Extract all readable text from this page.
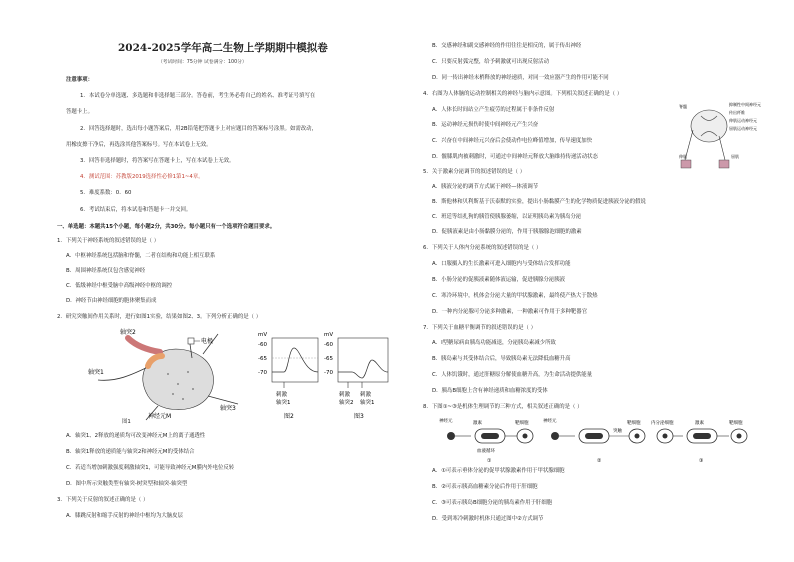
2024-2025学年高二生物上学期期中模拟卷
（考试时间：75分钟 试卷满分：100分）
注意事项：
1．本试卷分单选题、多选题和非选择题三部分。答卷前，考生务必将自己的姓名、准考证号填写在
答题卡上。
2．回答选择题时，选出每小题答案后，用2B铅笔把答题卡上对应题目的答案标号涂黑。如需改动，
用橡皮擦干净后，再选涂其他答案标号。写在本试卷上无效。
3．回答非选择题时，将答案写在答题卡上，写在本试卷上无效。
4．测试范围：苏教版2019选择性必修1第1~4章。
5．难度系数：0．60
6．考试结束后，将本试卷和答题卡一并交回。
一、单选题：本题共15个小题，每小题2分，共30分。每小题只有一个选项符合题目要求。
1．下列关于神经系统的叙述错误的是（ ）
A．中枢神经系统包括脑和脊髓，二者在结构和功能上相互联系
B．周围神经系统仅包含感觉神经
C．低级神经中枢受脑中高级神经中枢的调控
D．神经节由神经细胞的胞体聚集而成
2．研究突触间作用关系时，进行如图1实验，结果如图2、3。下列分析正确的是（ ）
电极
轴突2
轴突1
轴突3
神经元M
图1
mV
-60
-65
-70
刺激
轴突1
图2
mV
-60
-65
-70
刺激
轴突2
刺激
轴突1
图3
A．轴突1、2释放的递质均可改变神经元M上的离子通透性
B．轴突1释放的递质能与轴突2和神经元M的受体结合
C．若适当增加刺激强度刺激轴突1，可能导致神经元M膜内外电位反转
D．图中所示突触类型有轴突-树突型和轴突-轴突型
3．下列关于反射的叙述正确的是（ ）
A．膝跳反射和缩手反射的神经中枢均为大脑皮层
B．交感神经和副交感神经的作用往往是相反的，属于传出神经
C．只要反射弧完整，给予刺激就可出现反射活动
D．同一传出神经末梢释放的神经递质，对同一效应器产生的作用可能不同
4．右图为人体脑的运动控制相关的神经与脑内示意图。下列相关叙述正确的是（ ）
A．人体长时间站立产生疲劳的过程属于非条件反射
B．运动神经元损伤时使中间神经元产生兴奋
C．兴奋在中间神经元兴奋后会使动作电位峰值增加，传导速度加快
D．髋膝肌肉被刺激时，可通过中间神经元释放大脑维持传递活动状态
抑制性中间神经元
传出纤维
伸肌运动神经元
屈肌运动神经元
脊髓
伸肌	屈肌
5．关于激素分泌调节的叙述错误的是（ ）
A．胰液分泌的调节方式属于神经—体液调节
B．斯他林和贝利斯基于沃泰默的实验，提出小肠黏膜产生的化学物质促进胰液分泌的假说
C．班廷等结扎狗的胰管使胰腺萎缩，以证明胰岛素为胰岛分泌
D．促胰液素是由小肠黏膜分泌的，作用于胰腺腺泡细胞的激素
6．下列关于人体内分泌系统的叙述错误的是（ ）
A．口服摄入的生长激素可进入细胞内与受体结合发挥功能
B．小肠分泌的促胰液素随体液运输，促进胰腺分泌胰液
C．寒冷环境中，机体会分泌大量的甲状腺激素，最终使产热大于散热
D．一种内分泌腺可分泌多种激素，一种激素可作用于多种靶器官
7．下列关于血糖平衡调节的叙述错误的是（ ）
A．I型糖尿病由胰岛功能减退，分泌胰岛素减少所致
B．胰岛素与其受体结合后，导致胰岛素无法降低血糖升高
C．人体饥饿时，通过肝糖原分解使血糖升高，为生命活动提供能量
D．胰岛B细胞上含有神经递质和血糖浓度的受体
8．下图①~③是机体生理调节的三种方式，相关叙述正确的是（ ）
神经元	激素	靶细胞
血液循环
①
神经元
突触
靶细胞
②
内分泌细胞	激素	靶细胞
③
A．①可表示垂体分泌的促甲状腺激素作用于甲状腺细胞
B．②可表示胰高血糖素分泌后作用于肝细胞
C．③可表示胰岛B细胞分泌的胰岛素作用于肝细胞
D．受到寒冷刺激时机体只通过图中②方式调节
